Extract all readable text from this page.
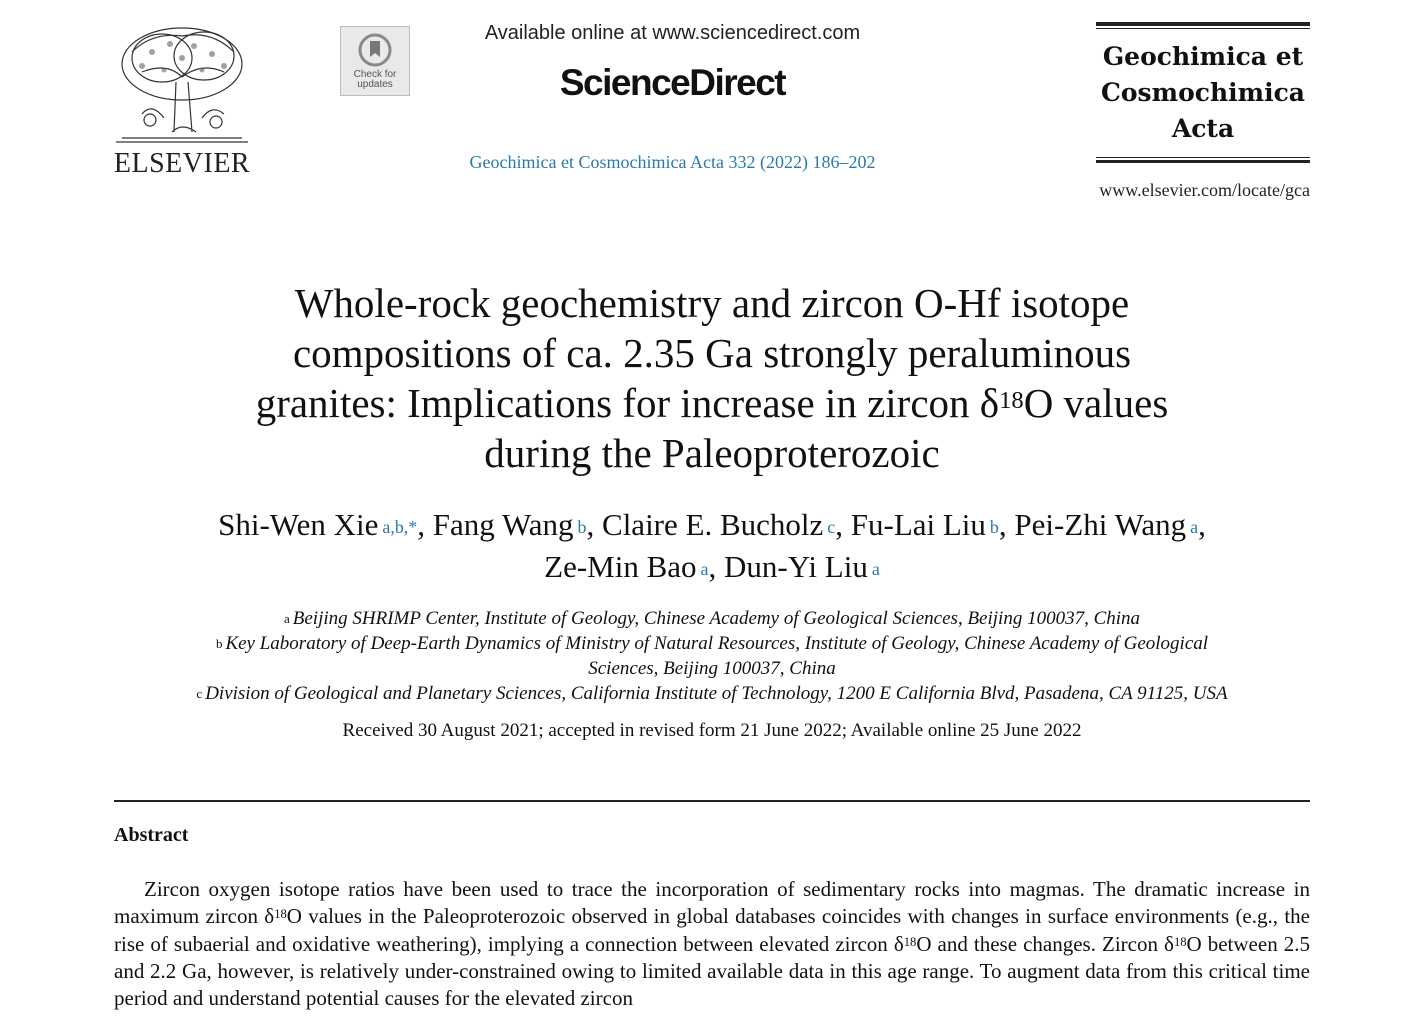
ELSEVIER
Check for
updates
Available online at www.sciencedirect.com
ScienceDirect
Geochimica et Cosmochimica Acta 332 (2022) 186–202
Geochimica et
Cosmochimica
Acta
www.elsevier.com/locate/gca
Whole-rock geochemistry and zircon O-Hf isotope
compositions of ca. 2.35 Ga strongly peraluminous
granites: Implications for increase in zircon $\delta^{18}O$ values
during the Paleoproterozoic
Shi-Wen Xie $^{a,b,*}$, Fang Wang $^b$, Claire E. Bucholz $^c$, Fu-Lai Liu $^b$, Pei-Zhi Wang $^a$,
Ze-Min Bao $^a$, Dun-Yi Liu $^a$
$^a$ Beijing SHRIMP Center, Institute of Geology, Chinese Academy of Geological Sciences, Beijing 100037, China
$^b$ Key Laboratory of Deep-Earth Dynamics of Ministry of Natural Resources, Institute of Geology, Chinese Academy of Geological
Sciences, Beijing 100037, China
$^c$ Division of Geological and Planetary Sciences, California Institute of Technology, 1200 E California Blvd, Pasadena, CA 91125, USA
Received 30 August 2021; accepted in revised form 21 June 2022; Available online 25 June 2022
Abstract
Zircon oxygen isotope ratios have been used to trace the incorporation of sedimentary rocks into magmas. The dramatic increase in maximum zircon $\delta^{18}O$ values in the Paleoproterozoic observed in global databases coincides with changes in surface environments (e.g., the rise of subaerial and oxidative weathering), implying a connection between elevated zircon $\delta^{18}O$ and these changes. Zircon $\delta^{18}O$ between 2.5 and 2.2 Ga, however, is relatively under-constrained owing to limited available data in this age range. To augment data from this critical time period and understand potential causes for the elevated zircon
